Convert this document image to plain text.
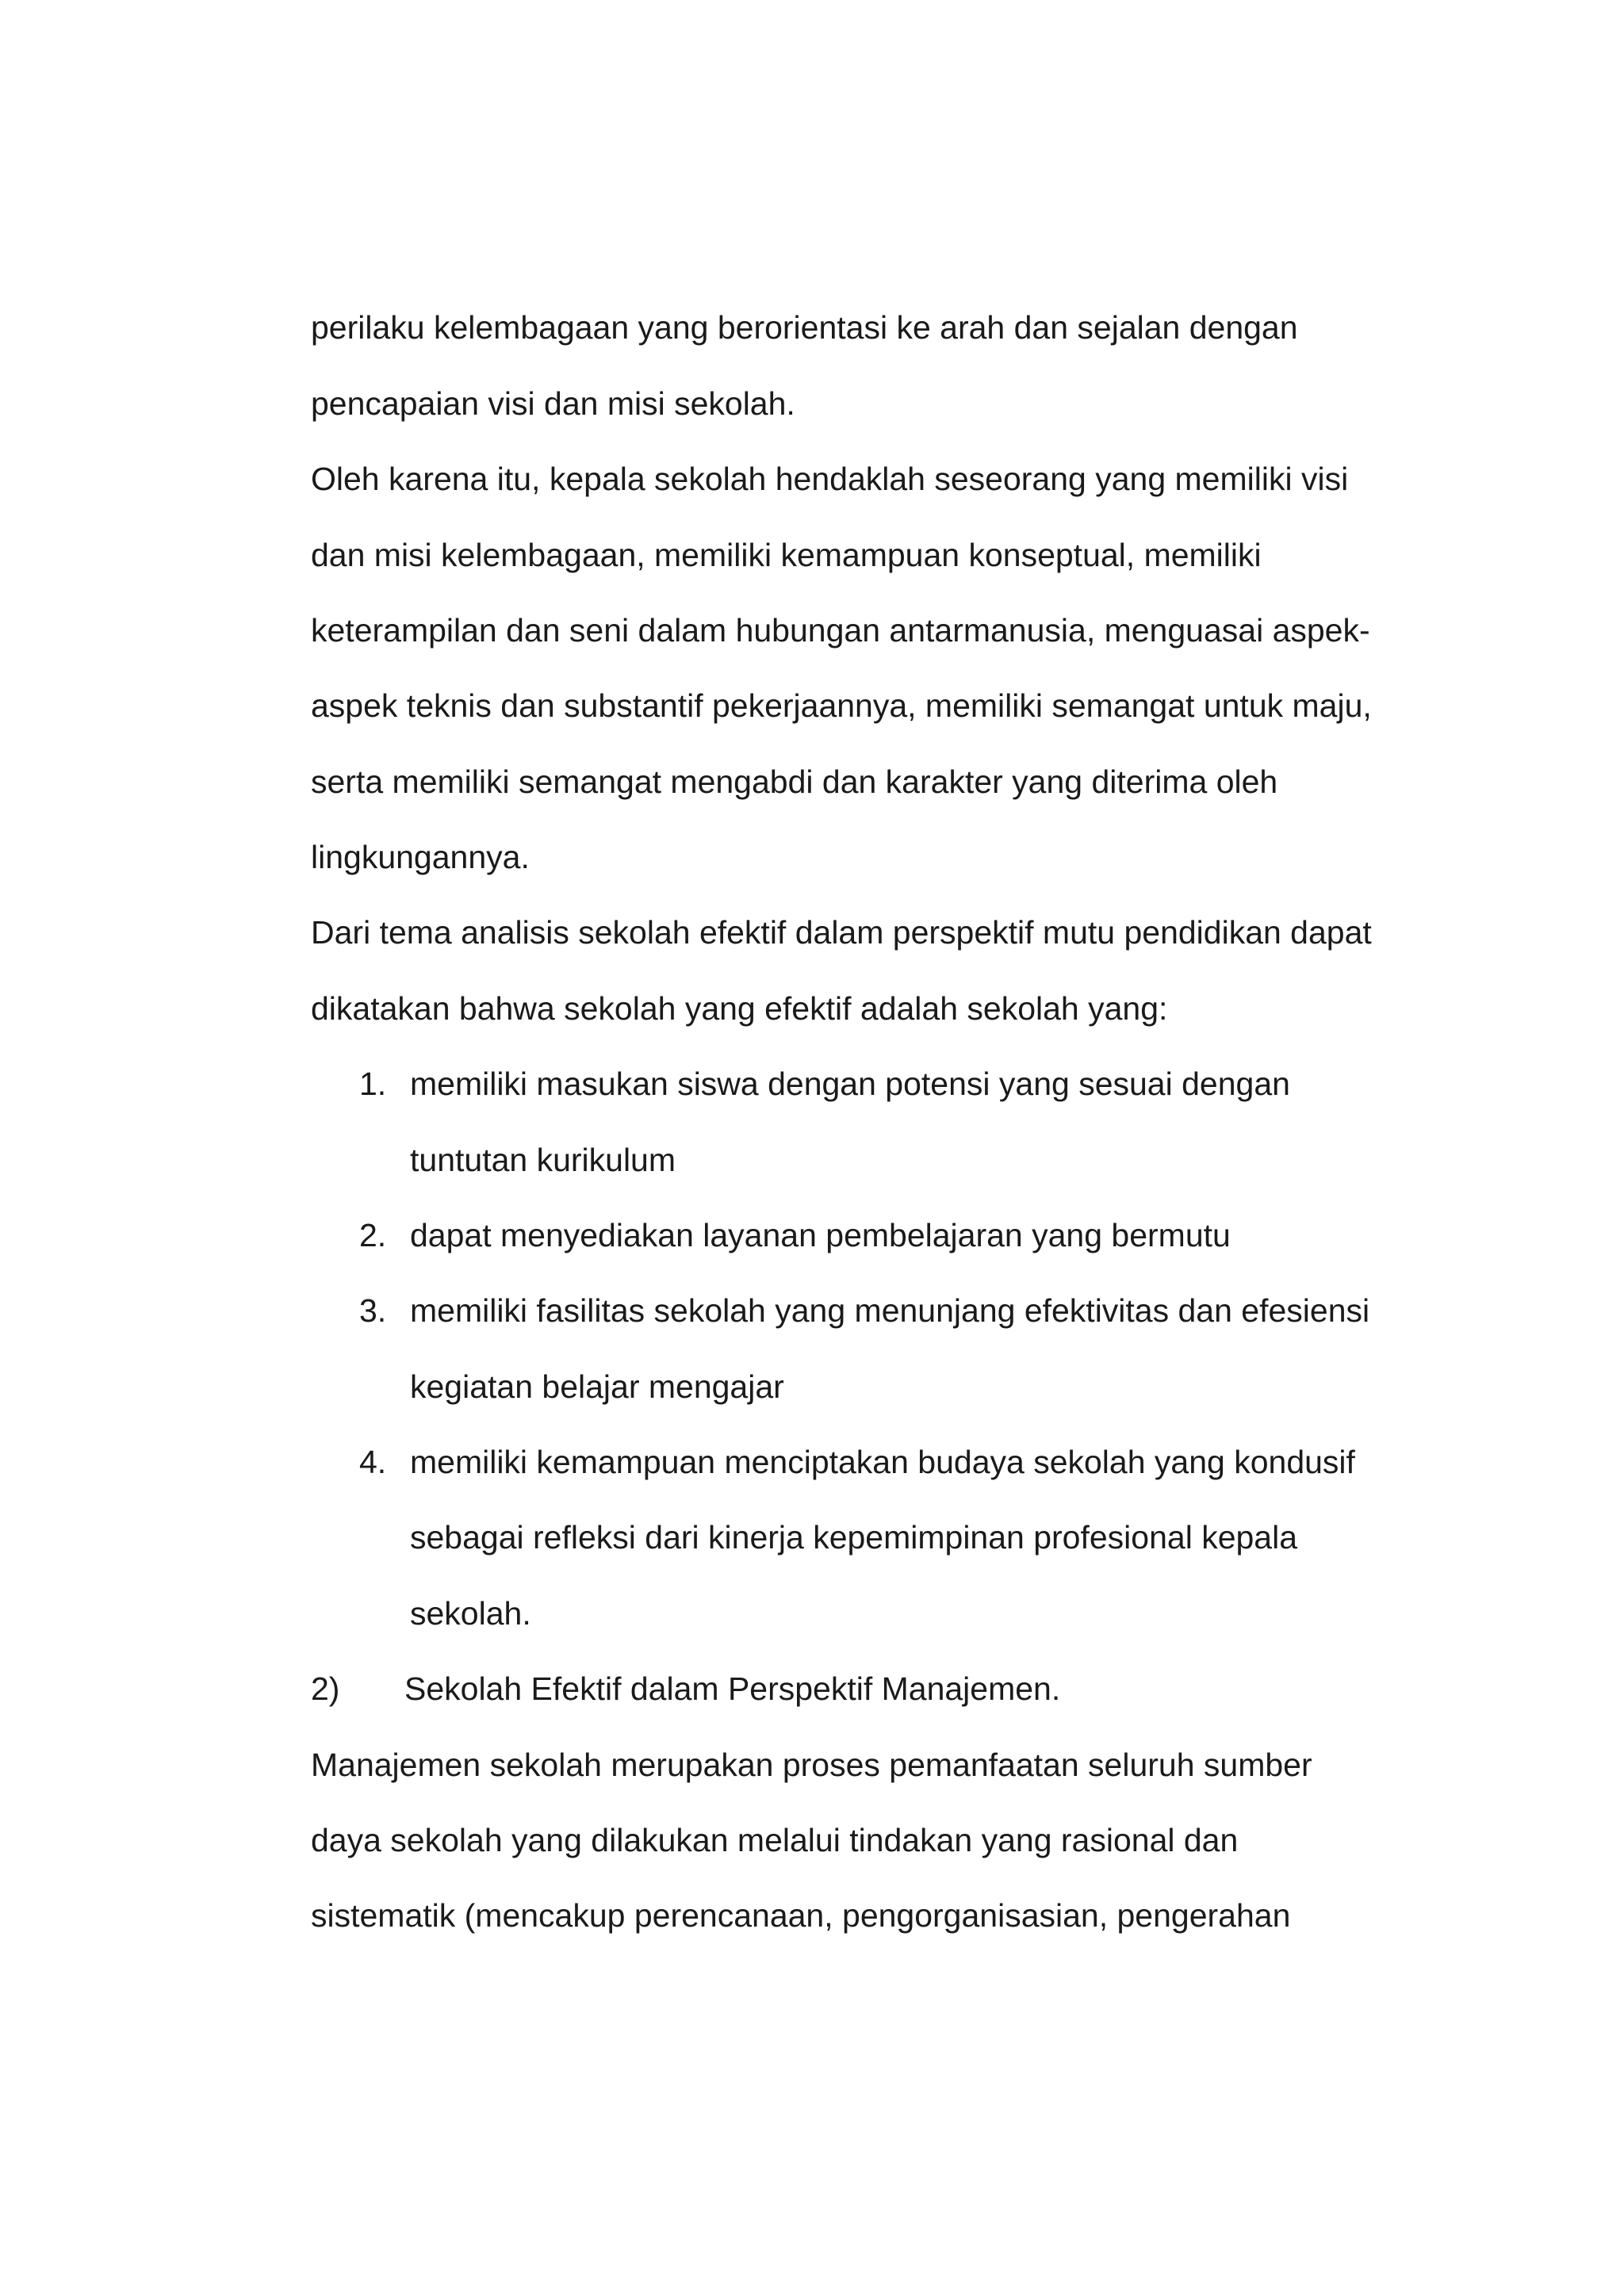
perilaku kelembagaan yang berorientasi ke arah dan sejalan dengan
pencapaian visi dan misi sekolah.
Oleh karena itu, kepala sekolah hendaklah seseorang yang memiliki visi
dan misi kelembagaan, memiliki kemampuan konseptual, memiliki
keterampilan dan seni dalam hubungan antarmanusia, menguasai aspek-
aspek teknis dan substantif pekerjaannya, memiliki semangat untuk maju,
serta memiliki semangat mengabdi dan karakter yang diterima oleh
lingkungannya.
Dari tema analisis sekolah efektif dalam perspektif mutu pendidikan dapat
dikatakan bahwa sekolah yang efektif adalah sekolah yang:
1. memiliki masukan siswa dengan potensi yang sesuai dengan
tuntutan kurikulum
2. dapat menyediakan layanan pembelajaran yang bermutu
3. memiliki fasilitas sekolah yang menunjang efektivitas dan efesiensi
kegiatan belajar mengajar
4. memiliki kemampuan menciptakan budaya sekolah yang kondusif
sebagai refleksi dari kinerja kepemimpinan profesional kepala
sekolah.
2) Sekolah Efektif dalam Perspektif Manajemen.
Manajemen sekolah merupakan proses pemanfaatan seluruh sumber
daya sekolah yang dilakukan melalui tindakan yang rasional dan
sistematik (mencakup perencanaan, pengorganisasian, pengerahan
